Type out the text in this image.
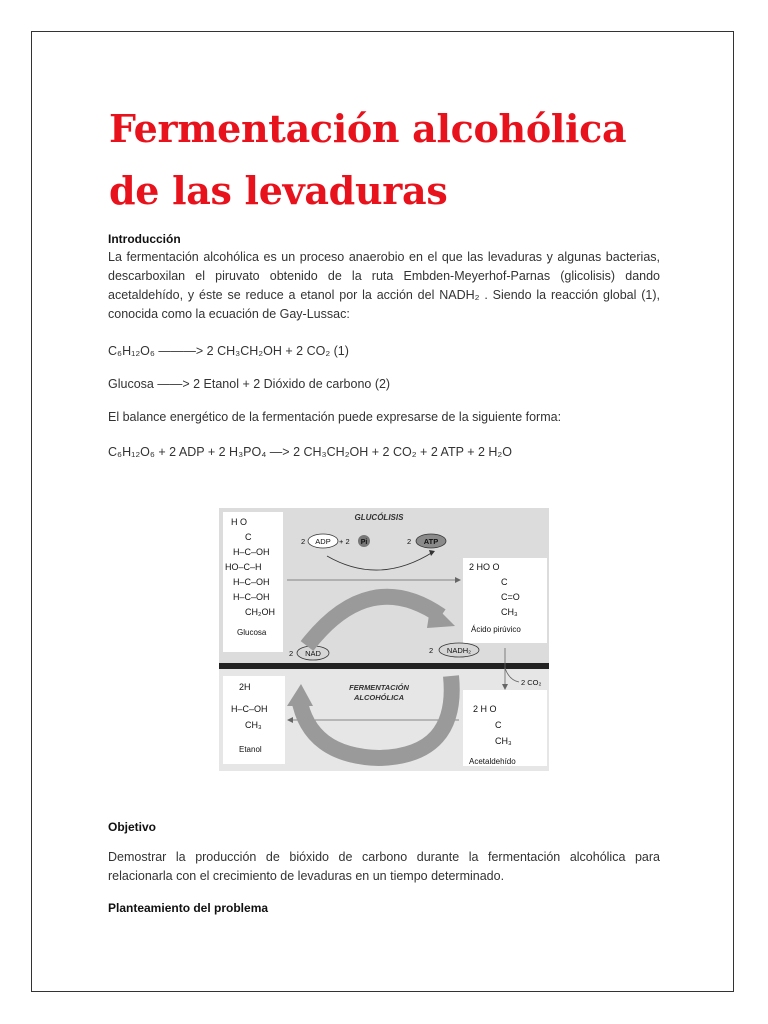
Fermentación alcohólica de las levaduras
Introducción

La fermentación alcohólica es un proceso anaerobio en el que las levaduras y algunas bacterias, descarboxilan el piruvato obtenido de la ruta Embden-Meyerhof-Parnas (glicolisis) dando acetaldehído, y éste se reduce a etanol por la acción del NADH₂ . Siendo la reacción global (1), conocida como la ecuación de Gay-Lussac:

C₆H₁₂O₆ ———> 2 CH₃CH₂OH + 2 CO₂ (1)
Glucosa ——> 2 Etanol + 2 Dióxido de carbono (2)
El balance energético de la fermentación puede expresarse de la siguiente forma:
C₆H₁₂O₆ + 2 ADP + 2 H₃PO₄ —> 2 CH₃CH₂OH + 2 CO₂ + 2 ATP + 2 H₂O
GLUCÓLISIS
FERMENTACIÓN
ALCOHÓLICA
H O
C
H–C–OH
HO–C–H
H–C–OH
H–C–OH
CH₂OH
Glucosa
2 HO O
C
C=O
CH₃
Ácido pirúvico
2H
H–C–OH
CH₃
Etanol
2 H O
C
CH₃
Acetaldehído
2 CO₂
2 ADP + 2 Pi	2 ATP
2 NAD	2 NADH₂
Objetivo

Demostrar la producción de bióxido de carbono durante la fermentación alcohólica para relacionarla con el crecimiento de levaduras en un tiempo determinado.

Planteamiento del problema
